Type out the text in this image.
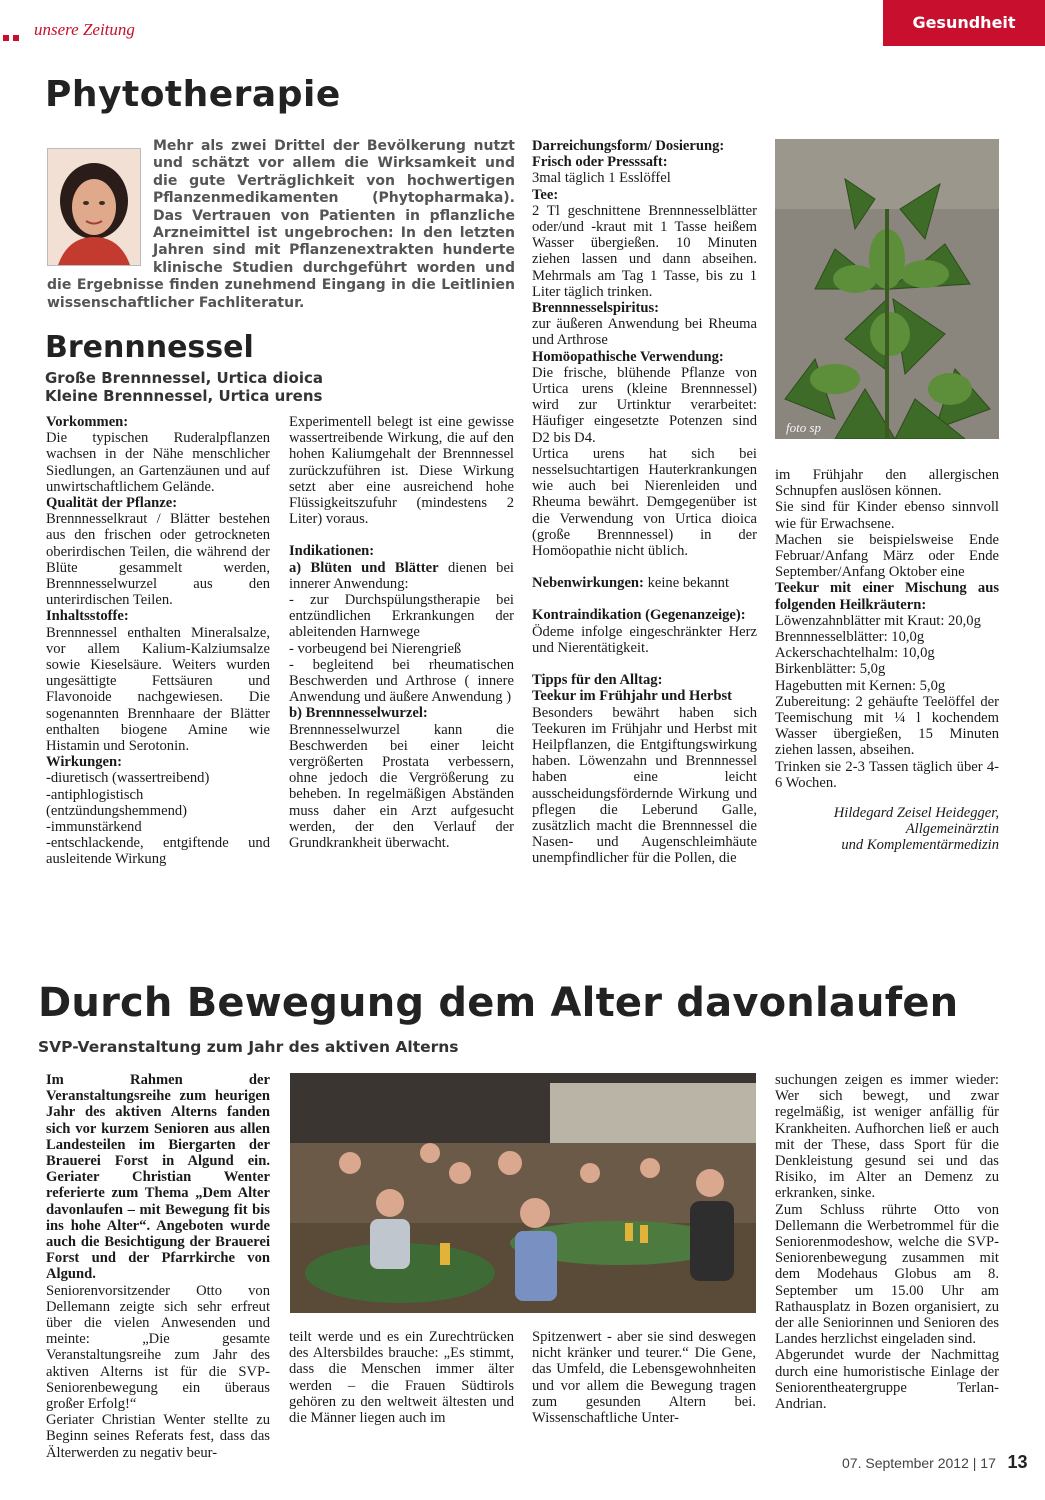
unsere Zeitung	Gesundheit
Phytotherapie
Mehr als zwei Drittel der Bevölkerung nutzt und schätzt vor allem die Wirksamkeit und die gute Verträglichkeit von hochwertigen Pflanzenmedikamenten (Phytopharmaka). Das Vertrauen von Patienten in pflanzliche Arzneimittel ist ungebrochen: In den letzten Jahren sind mit Pflanzenextrakten hunderte klinische Studien durchgeführt worden und die Ergebnisse finden zunehmend Eingang in die Leitlinien wissenschaftlicher Fachliteratur.
Brennnessel
Große Brennnessel, Urtica dioica
Kleine Brennnessel, Urtica urens

Vorkommen:

Die typischen Ruderalpflanzen wachsen in der Nähe menschlicher Siedlungen, an Gartenzäunen und auf unwirtschaftlichem Gelände.

Qualität der Pflanze:

Brennnesselkraut / Blätter bestehen aus den frischen oder getrockneten oberirdischen Teilen, die während der Blüte gesammelt werden, Brennnesselwurzel aus den unterirdischen Teilen.

Inhaltsstoffe:

Brennnessel enthalten Mineralsalze, vor allem Kalium-Kalziumsalze sowie Kieselsäure. Weiters wurden ungesättigte Fettsäuren und Flavonoide nachgewiesen. Die sogenannten Brennhaare der Blätter enthalten biogene Amine wie Histamin und Serotonin.

Wirkungen:

-diuretisch (wassertreibend)

-antiphlogistisch (entzündungshemmend)

-immunstärkend

-entschlackende, entgiftende und ausleitende Wirkung

Experimentell belegt ist eine gewisse wassertreibende Wirkung, die auf den hohen Kaliumgehalt der Brennnessel zurückzuführen ist. Diese Wirkung setzt aber eine ausreichend hohe Flüssigkeitszufuhr (mindestens 2 Liter) voraus.

Indikationen:

a) Blüten und Blätter dienen bei innerer Anwendung:

- zur Durchspülungstherapie bei entzündlichen Erkrankungen der ableitenden Harnwege

- vorbeugend bei Nierengrieß

- begleitend bei rheumatischen Beschwerden und Arthrose ( innere Anwendung und äußere Anwendung )

b) Brennnesselwurzel:

Brennnesselwurzel kann die Beschwerden bei einer leicht vergrößerten Prostata verbessern, ohne jedoch die Vergrößerung zu beheben. In regelmäßigen Abständen muss daher ein Arzt aufgesucht werden, der den Verlauf der Grundkrankheit überwacht.

Darreichungsform/ Dosierung:

Frisch oder Presssaft:

3mal täglich 1 Esslöffel

Tee:

2 Tl geschnittene Brennnesselblätter oder/und -kraut mit 1 Tasse heißem Wasser übergießen. 10 Minuten ziehen lassen und dann abseihen. Mehrmals am Tag 1 Tasse, bis zu 1 Liter täglich trinken.

Brennnesselspiritus:

zur äußeren Anwendung bei Rheuma und Arthrose

Homöopathische Verwendung:

Die frische, blühende Pflanze von Urtica urens (kleine Brennnessel) wird zur Urtinktur verarbeitet: Häufiger eingesetzte Potenzen sind D2 bis D4.

Urtica urens hat sich bei nesselsuchtartigen Hauterkrankungen wie auch bei Nierenleiden und Rheuma bewährt. Demgegenüber ist die Verwendung von Urtica dioica (große Brennnessel) in der Homöopathie nicht üblich.

Nebenwirkungen: keine bekannt

Kontraindikation (Gegenanzeige):

Ödeme infolge eingeschränkter Herz und Nierentätigkeit.

Tipps für den Alltag:

Teekur im Frühjahr und Herbst

Besonders bewährt haben sich Teekuren im Frühjahr und Herbst mit Heilpflanzen, die Entgiftungswirkung haben. Löwenzahn und Brennnessel haben eine leicht ausscheidungsfördernde Wirkung und pflegen die Leberund Galle, zusätzlich macht die Brennnessel die Nasen- und Augenschleimhäute unempfindlicher für die Pollen, die

foto sp

im Frühjahr den allergischen Schnupfen auslösen können.

Sie sind für Kinder ebenso sinnvoll wie für Erwachsene.

Machen sie beispielsweise Ende Februar/Anfang März oder Ende September/Anfang Oktober eine

Teekur mit einer Mischung aus folgenden Heilkräutern:

Löwenzahnblätter mit Kraut: 20,0g

Brennnesselblätter: 10,0g

Ackerschachtelhalm: 10,0g

Birkenblätter: 5,0g

Hagebutten mit Kernen: 5,0g

Zubereitung: 2 gehäufte Teelöffel der Teemischung mit ¼ l kochendem Wasser übergießen, 15 Minuten ziehen lassen, abseihen.

Trinken sie 2-3 Tassen täglich über 4-6 Wochen.

Hildegard Zeisel Heidegger,

Allgemeinärztin

und Komplementärmedizin

Durch Bewegung dem Alter davonlaufen
SVP-Veranstaltung zum Jahr des aktiven Alterns

Im Rahmen der Veranstaltungsreihe zum heurigen Jahr des aktiven Alterns fanden sich vor kurzem Senioren aus allen Landesteilen im Biergarten der Brauerei Forst in Algund ein. Geriater Christian Wenter referierte zum Thema „Dem Alter davonlaufen – mit Bewegung fit bis ins hohe Alter“. Angeboten wurde auch die Besichtigung der Brauerei Forst und der Pfarrkirche von Algund.

Seniorenvorsitzender Otto von Dellemann zeigte sich sehr erfreut über die vielen Anwesenden und meinte: „Die gesamte Veranstaltungsreihe zum Jahr des aktiven Alterns ist für die SVP-Seniorenbewegung ein überaus großer Erfolg!“

Geriater Christian Wenter stellte zu Beginn seines Referats fest, dass das Älterwerden zu negativ beur-

teilt werde und es ein Zurechtrücken des Altersbildes brauche: „Es stimmt, dass die Menschen immer älter werden – die Frauen Südtirols gehören zu den weltweit ältesten und die Männer liegen auch im

Spitzenwert - aber sie sind deswegen nicht kränker und teurer.“ Die Gene, das Umfeld, die Lebensgewohnheiten und vor allem die Bewegung tragen zum gesunden Altern bei. Wissenschaftliche Unter-

suchungen zeigen es immer wieder: Wer sich bewegt, und zwar regelmäßig, ist weniger anfällig für Krankheiten. Aufhorchen ließ er auch mit der These, dass Sport für die Denkleistung gesund sei und das Risiko, im Alter an Demenz zu erkranken, sinke.

Zum Schluss rührte Otto von Dellemann die Werbetrommel für die Seniorenmodeshow, welche die SVP-Seniorenbewegung zusammen mit dem Modehaus Globus am 8. September um 15.00 Uhr am Rathausplatz in Bozen organisiert, zu der alle Seniorinnen und Senioren des Landes herzlichst eingeladen sind.

Abgerundet wurde der Nachmittag durch eine humoristische Einlage der Seniorentheatergruppe Terlan-Andrian.

07. September 2012 | 17 13
